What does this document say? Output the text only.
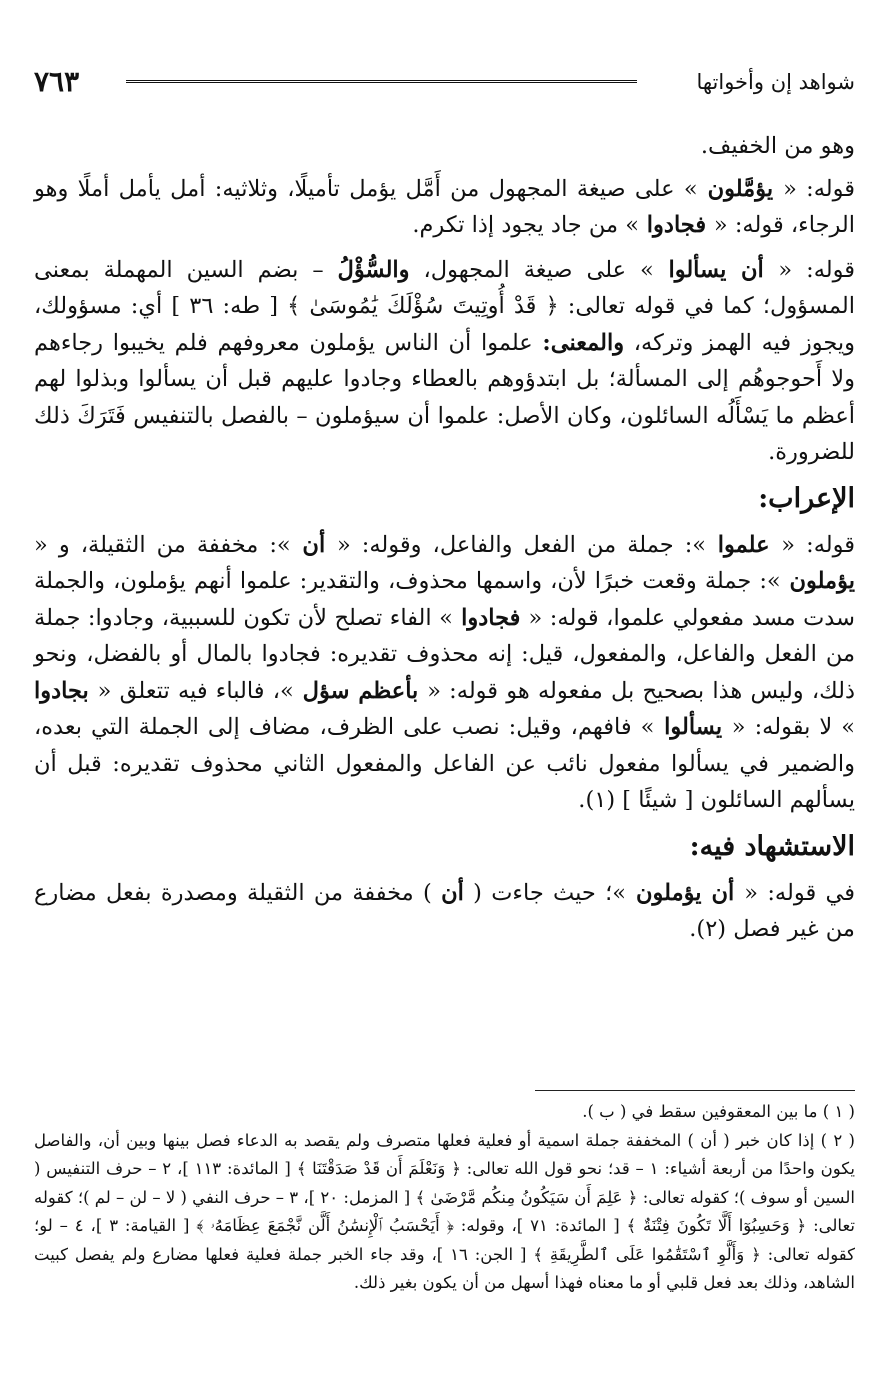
٧٦٣	شواهد إن وأخواتها

وهو من الخفيف.

قوله: « يؤمَّلون » على صيغة المجهول من أَمَّل يؤمل تأميلًا، وثلاثيه: أمل يأمل أملًا وهو الرجاء، قوله: « فجادوا » من جاد يجود إذا تكرم.

قوله: « أن يسألوا » على صيغة المجهول، والسُّؤْلُ – بضم السين المهملة بمعنى المسؤول؛ كما في قوله تعالى: ﴿ قَدْ أُوتِيتَ سُؤْلَكَ يَٰمُوسَىٰ ﴾ [ طه: ٣٦ ] أي: مسؤولك، ويجوز فيه الهمز وتركه، والمعنى: علموا أن الناس يؤملون معروفهم فلم يخيبوا رجاءهم ولا أَحوجوهُم إلى المسألة؛ بل ابتدؤوهم بالعطاء وجادوا عليهم قبل أن يسألوا وبذلوا لهم أعظم ما يَسْأَلُه السائلون، وكان الأصل: علموا أن سيؤملون – بالفصل بالتنفيس فَتَرَكَ ذلك للضرورة.

الإعراب:

قوله: « علموا »: جملة من الفعل والفاعل، وقوله: « أن »: مخففة من الثقيلة، و « يؤملون »: جملة وقعت خبرًا لأن، واسمها محذوف، والتقدير: علموا أنهم يؤملون، والجملة سدت مسد مفعولي علموا، قوله: « فجادوا » الفاء تصلح لأن تكون للسببية، وجادوا: جملة من الفعل والفاعل، والمفعول، قيل: إنه محذوف تقديره: فجادوا بالمال أو بالفضل، ونحو ذلك، وليس هذا بصحيح بل مفعوله هو قوله: « بأعظم سؤل »، فالباء فيه تتعلق « بجادوا » لا بقوله: « يسألوا » فافهم، وقيل: نصب على الظرف، مضاف إلى الجملة التي بعده، والضمير في يسألوا مفعول نائب عن الفاعل والمفعول الثاني محذوف تقديره: قبل أن يسألهم السائلون [ شيئًا ] (١).

الاستشهاد فيه:

في قوله: « أن يؤملون »؛ حيث جاءت ( أن ) مخففة من الثقيلة ومصدرة بفعل مضارع من غير فصل (٢).

( ١ ) ما بين المعقوفين سقط في ( ب ).

( ٢ ) إذا كان خبر ( أن ) المخففة جملة اسمية أو فعلية فعلها متصرف ولم يقصد به الدعاء فصل بينها وبين أن، والفاصل يكون واحدًا من أربعة أشياء: ١ – قد؛ نحو قول الله تعالى: ﴿ وَنَعْلَمَ أَن قَدْ صَدَقْتَنَا ﴾ [ المائدة: ١١٣ ]، ٢ – حرف التنفيس ( السين أو سوف )؛ كقوله تعالى: ﴿ عَلِمَ أَن سَيَكُونُ مِنكُم مَّرْضَىٰ ﴾ [ المزمل: ٢٠ ]، ٣ – حرف النفي ( لا – لن – لم )؛ كقوله تعالى: ﴿ وَحَسِبُوٓا أَلَّا تَكُونَ فِتْنَةٌ ﴾ [ المائدة: ٧١ ]، وقوله: ﴿ أَيَحْسَبُ ٱلْإِنسَٰنُ أَلَّن نَّجْمَعَ عِظَامَهُۥ ﴾ [ القيامة: ٣ ]، ٤ – لو؛ كقوله تعالى: ﴿ وَأَلَّوِ ٱسْتَقَٰمُوا عَلَى ٱلطَّرِيقَةِ ﴾ [ الجن: ١٦ ]، وقد جاء الخبر جملة فعلية فعلها مضارع ولم يفصل كبيت الشاهد، وذلك بعد فعل قلبي أو ما معناه فهذا أسهل من أن يكون بغير ذلك.
